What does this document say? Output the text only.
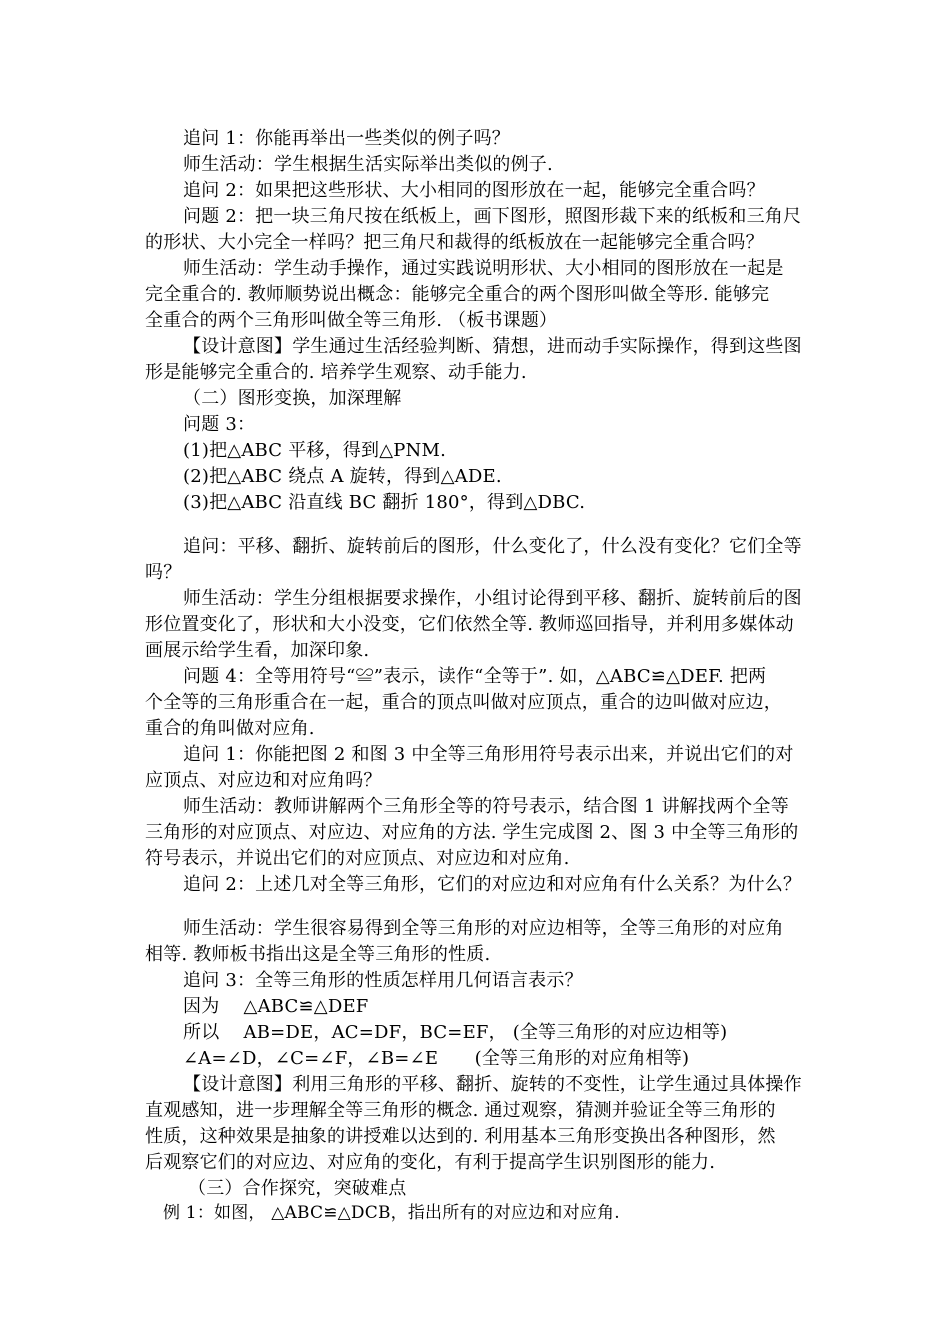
追问 1：你能再举出一些类似的例子吗？
师生活动：学生根据生活实际举出类似的例子.
追问 2：如果把这些形状、大小相同的图形放在一起，能够完全重合吗？
问题 2：把一块三角尺按在纸板上，画下图形，照图形裁下来的纸板和三角尺
的形状、大小完全一样吗？把三角尺和裁得的纸板放在一起能够完全重合吗？
师生活动：学生动手操作，通过实践说明形状、大小相同的图形放在一起是
完全重合的. 教师顺势说出概念：能够完全重合的两个图形叫做全等形. 能够完
全重合的两个三角形叫做全等三角形. （板书课题）
【设计意图】学生通过生活经验判断、猜想，进而动手实际操作，得到这些图
形是能够完全重合的. 培养学生观察、动手能力.
（二）图形变换，加深理解
问题 3：
(1)把△ABC 平移，得到△PNM.
(2)把△ABC 绕点 A 旋转，得到△ADE.
(3)把△ABC 沿直线 BC 翻折 180°，得到△DBC.
追问：平移、翻折、旋转前后的图形，什么变化了，什么没有变化？它们全等
吗？
师生活动：学生分组根据要求操作，小组讨论得到平移、翻折、旋转前后的图
形位置变化了，形状和大小没变，它们依然全等. 教师巡回指导，并利用多媒体动
画展示给学生看，加深印象.
问题 4：全等用符号“≌”表示，读作“全等于”. 如，△ABC≌△DEF. 把两
个全等的三角形重合在一起，重合的顶点叫做对应顶点，重合的边叫做对应边，
重合的角叫做对应角.
追问 1：你能把图 2 和图 3 中全等三角形用符号表示出来，并说出它们的对
应顶点、对应边和对应角吗？
师生活动：教师讲解两个三角形全等的符号表示，结合图 1 讲解找两个全等
三角形的对应顶点、对应边、对应角的方法. 学生完成图 2、图 3 中全等三角形的
符号表示，并说出它们的对应顶点、对应边和对应角.
追问 2：上述几对全等三角形，它们的对应边和对应角有什么关系？为什么？
师生活动：学生很容易得到全等三角形的对应边相等，全等三角形的对应角
相等. 教师板书指出这是全等三角形的性质.
追问 3：全等三角形的性质怎样用几何语言表示？
因为　 △ABC≌△DEF
所以　 AB=DE，AC=DF，BC=EF， (全等三角形的对应边相等)
∠A=∠D，∠C=∠F，∠B=∠E　　(全等三角形的对应角相等)
【设计意图】利用三角形的平移、翻折、旋转的不变性，让学生通过具体操作
直观感知，进一步理解全等三角形的概念. 通过观察，猜测并验证全等三角形的
性质，这种效果是抽象的讲授难以达到的. 利用基本三角形变换出各种图形，然
后观察它们的对应边、对应角的变化，有利于提高学生识别图形的能力.
（三）合作探究，突破难点
例 1：如图， △ABC≌△DCB，指出所有的对应边和对应角.
